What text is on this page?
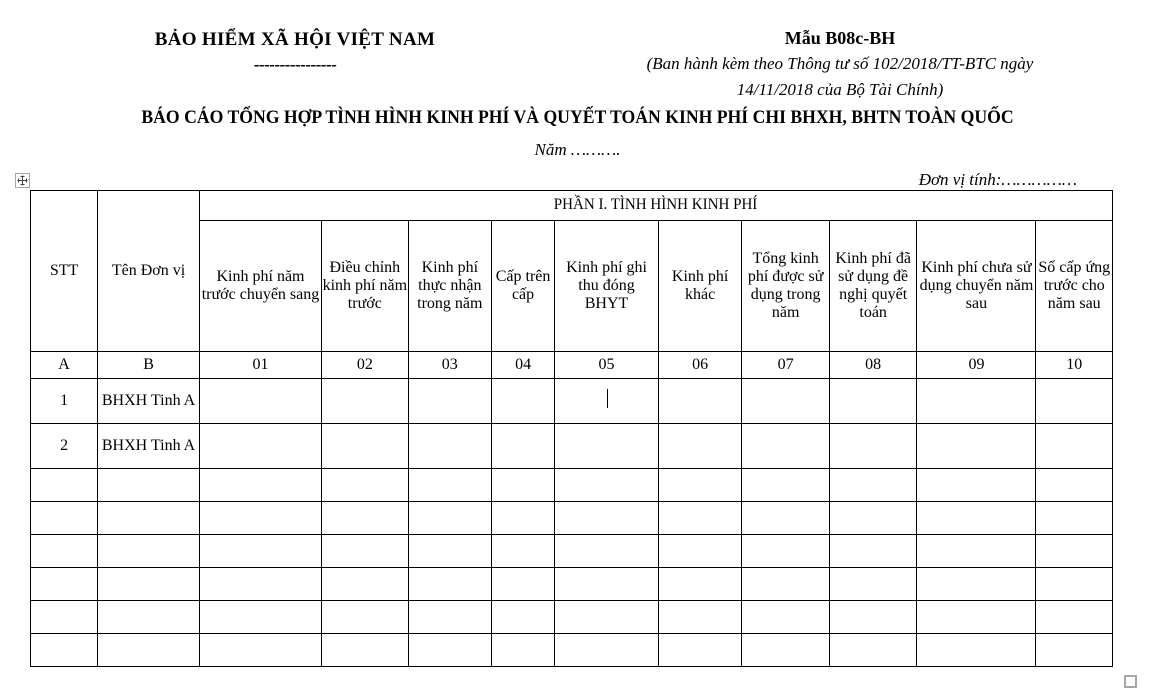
BẢO HIỂM XÃ HỘI VIỆT NAM
----------------
Mẫu B08c-BH
(Ban hành kèm theo Thông tư số 102/2018/TT-BTC ngày
14/11/2018 của Bộ Tài Chính)
BÁO CÁO TỔNG HỢP TÌNH HÌNH KINH PHÍ VÀ QUYẾT TOÁN KINH PHÍ CHI BHXH, BHTN TOÀN QUỐC
Năm ……….
Đơn vị tính:……………
STT	Tên Đơn vị	PHẦN I. TÌNH HÌNH KINH PHÍ									
		Kinh phí năm trước chuyển sang	Điều chỉnh kinh phí năm trước	Kinh phí thực nhận trong năm	Cấp trên cấp	Kinh phí ghi thu đóng BHYT	Kinh phí khác	Tổng kinh phí được sử dụng trong năm	Kinh phí đã sử dụng đề nghị quyết toán	Kinh phí chưa sử dụng chuyển năm sau	Số cấp ứng trước cho năm sau
A	B	01	02	03	04	05	06	07	08	09	10
1	BHXH Tinh A					

2	BHXH Tinh A										
